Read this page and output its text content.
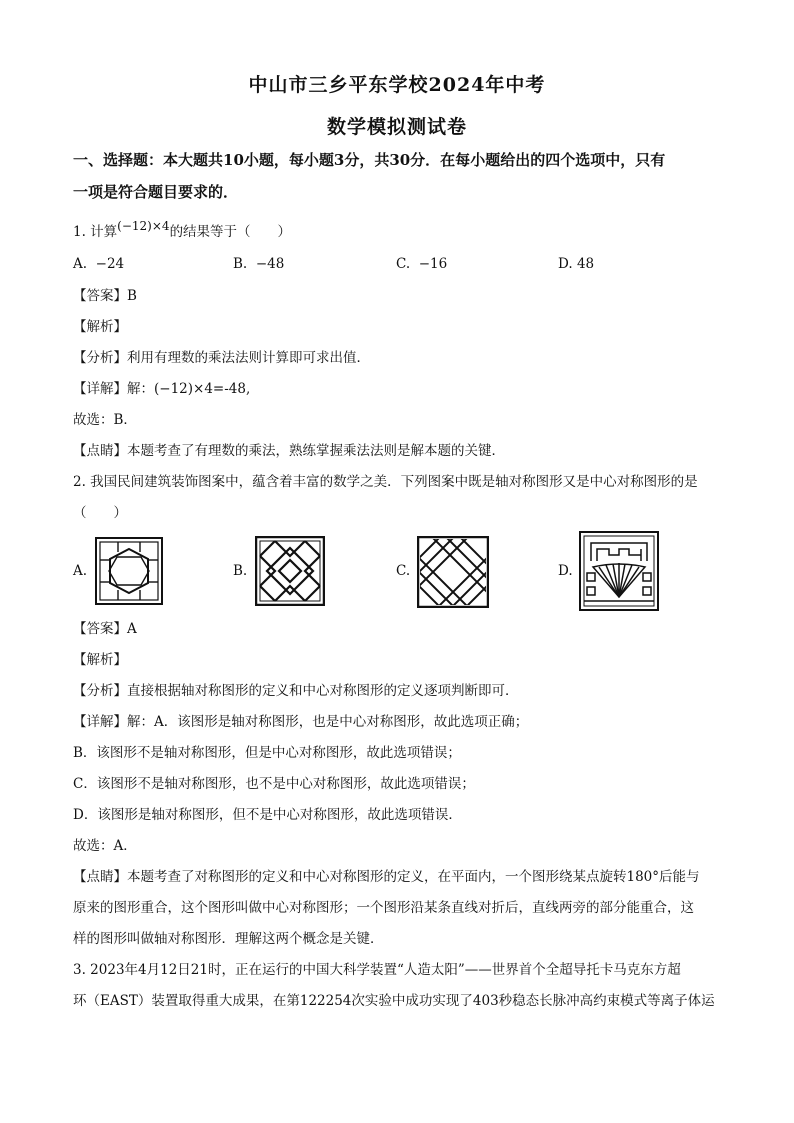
中山市三乡平东学校2024年中考
数学模拟测试卷
一、选择题：本大题共10小题，每小题3分，共30分．在每小题给出的四个选项中，只有
一项是符合题目要求的．
1. 计算(−12)×4的结果等于（　　）
A. −24	B. −48	C. −16	D. 48
【答案】B
【解析】
【分析】利用有理数的乘法法则计算即可求出值．
【详解】解：(−12)×4=-48,
故选：B．
【点睛】本题考查了有理数的乘法，熟练掌握乘法法则是解本题的关键．
2. 我国民间建筑装饰图案中，蕴含着丰富的数学之美．下列图案中既是轴对称图形又是中心对称图形的是
（　　）
A.	B.	C.	D.
【答案】A
【解析】
【分析】直接根据轴对称图形的定义和中心对称图形的定义逐项判断即可．
【详解】解：A．该图形是轴对称图形，也是中心对称图形，故此选项正确；
B．该图形不是轴对称图形，但是中心对称图形，故此选项错误；
C．该图形不是轴对称图形，也不是中心对称图形，故此选项错误；
D．该图形是轴对称图形，但不是中心对称图形，故此选项错误．
故选：A．
【点睛】本题考查了对称图形的定义和中心对称图形的定义，在平面内，一个图形绕某点旋转180°后能与
原来的图形重合，这个图形叫做中心对称图形；一个图形沿某条直线对折后，直线两旁的部分能重合，这
样的图形叫做轴对称图形．理解这两个概念是关键．
3. 2023年4月12日21时，正在运行的中国大科学装置“人造太阳”——世界首个全超导托卡马克东方超
环（EAST）装置取得重大成果，在第122254次实验中成功实现了403秒稳态长脉冲高约束模式等离子体运
